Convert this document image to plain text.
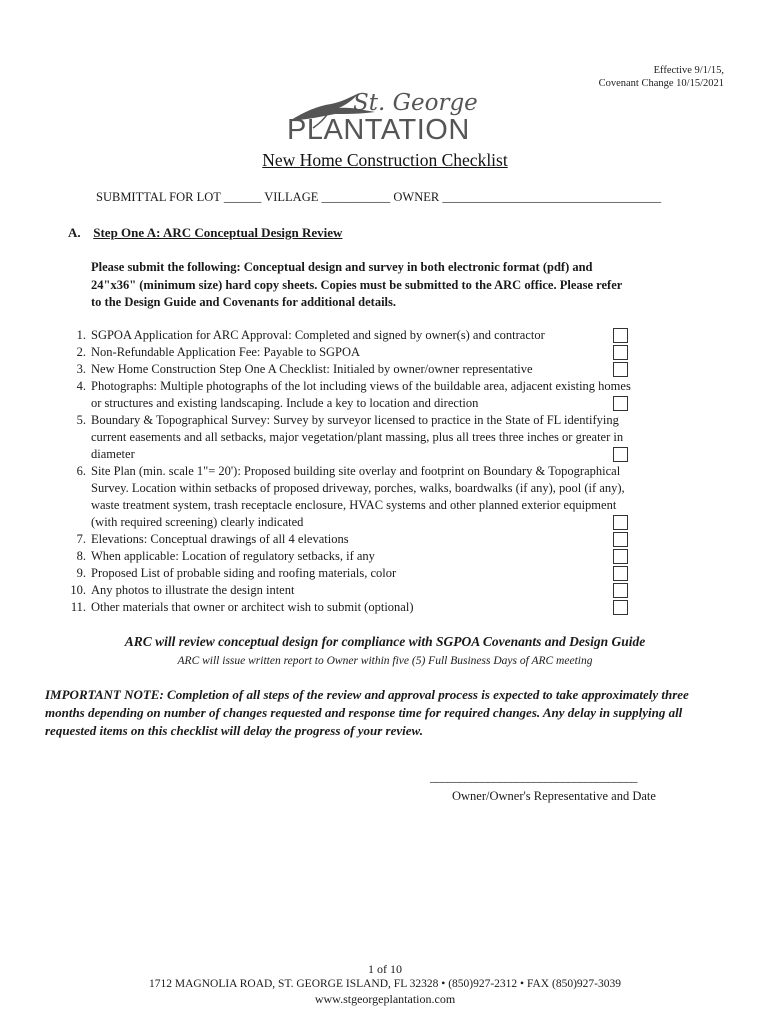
Effective 9/1/15,
Covenant Change 10/15/2021
St. George
PLANTATION
New Home Construction Checklist
SUBMITTAL FOR LOT ______ VILLAGE ___________ OWNER ___________________________________
A. Step One A: ARC Conceptual Design Review
Please submit the following: Conceptual design and survey in both electronic format (pdf) and 24"x36" (minimum size) hard copy sheets. Copies must be submitted to the ARC office. Please refer to the Design Guide and Covenants for additional details.
1. SGPOA Application for ARC Approval: Completed and signed by owner(s) and contractor
2. Non-Refundable Application Fee: Payable to SGPOA
3. New Home Construction Step One A Checklist: Initialed by owner/owner representative
4. Photographs: Multiple photographs of the lot including views of the buildable area, adjacent existing homes or structures and existing landscaping. Include a key to location and direction
5. Boundary & Topographical Survey: Survey by surveyor licensed to practice in the State of FL identifying current easements and all setbacks, major vegetation/plant massing, plus all trees three inches or greater in diameter
6. Site Plan (min. scale 1"= 20'): Proposed building site overlay and footprint on Boundary & Topographical Survey. Location within setbacks of proposed driveway, porches, walks, boardwalks (if any), pool (if any), waste treatment system, trash receptacle enclosure, HVAC systems and other planned exterior equipment (with required screening) clearly indicated
7. Elevations: Conceptual drawings of all 4 elevations
8. When applicable: Location of regulatory setbacks, if any
9. Proposed List of probable siding and roofing materials, color
10. Any photos to illustrate the design intent
11. Other materials that owner or architect wish to submit (optional)
ARC will review conceptual design for compliance with SGPOA Covenants and Design Guide
ARC will issue written report to Owner within five (5) Full Business Days of ARC meeting
IMPORTANT NOTE: Completion of all steps of the review and approval process is expected to take approximately three months depending on number of changes requested and response time for required changes. Any delay in supplying all requested items on this checklist will delay the progress of your review.
____________________________________
Owner/Owner's Representative and Date
1 of 10
1712 MAGNOLIA ROAD, ST. GEORGE ISLAND, FL 32328 • (850)927-2312 • FAX (850)927-3039
www.stgeorgeplantation.com
